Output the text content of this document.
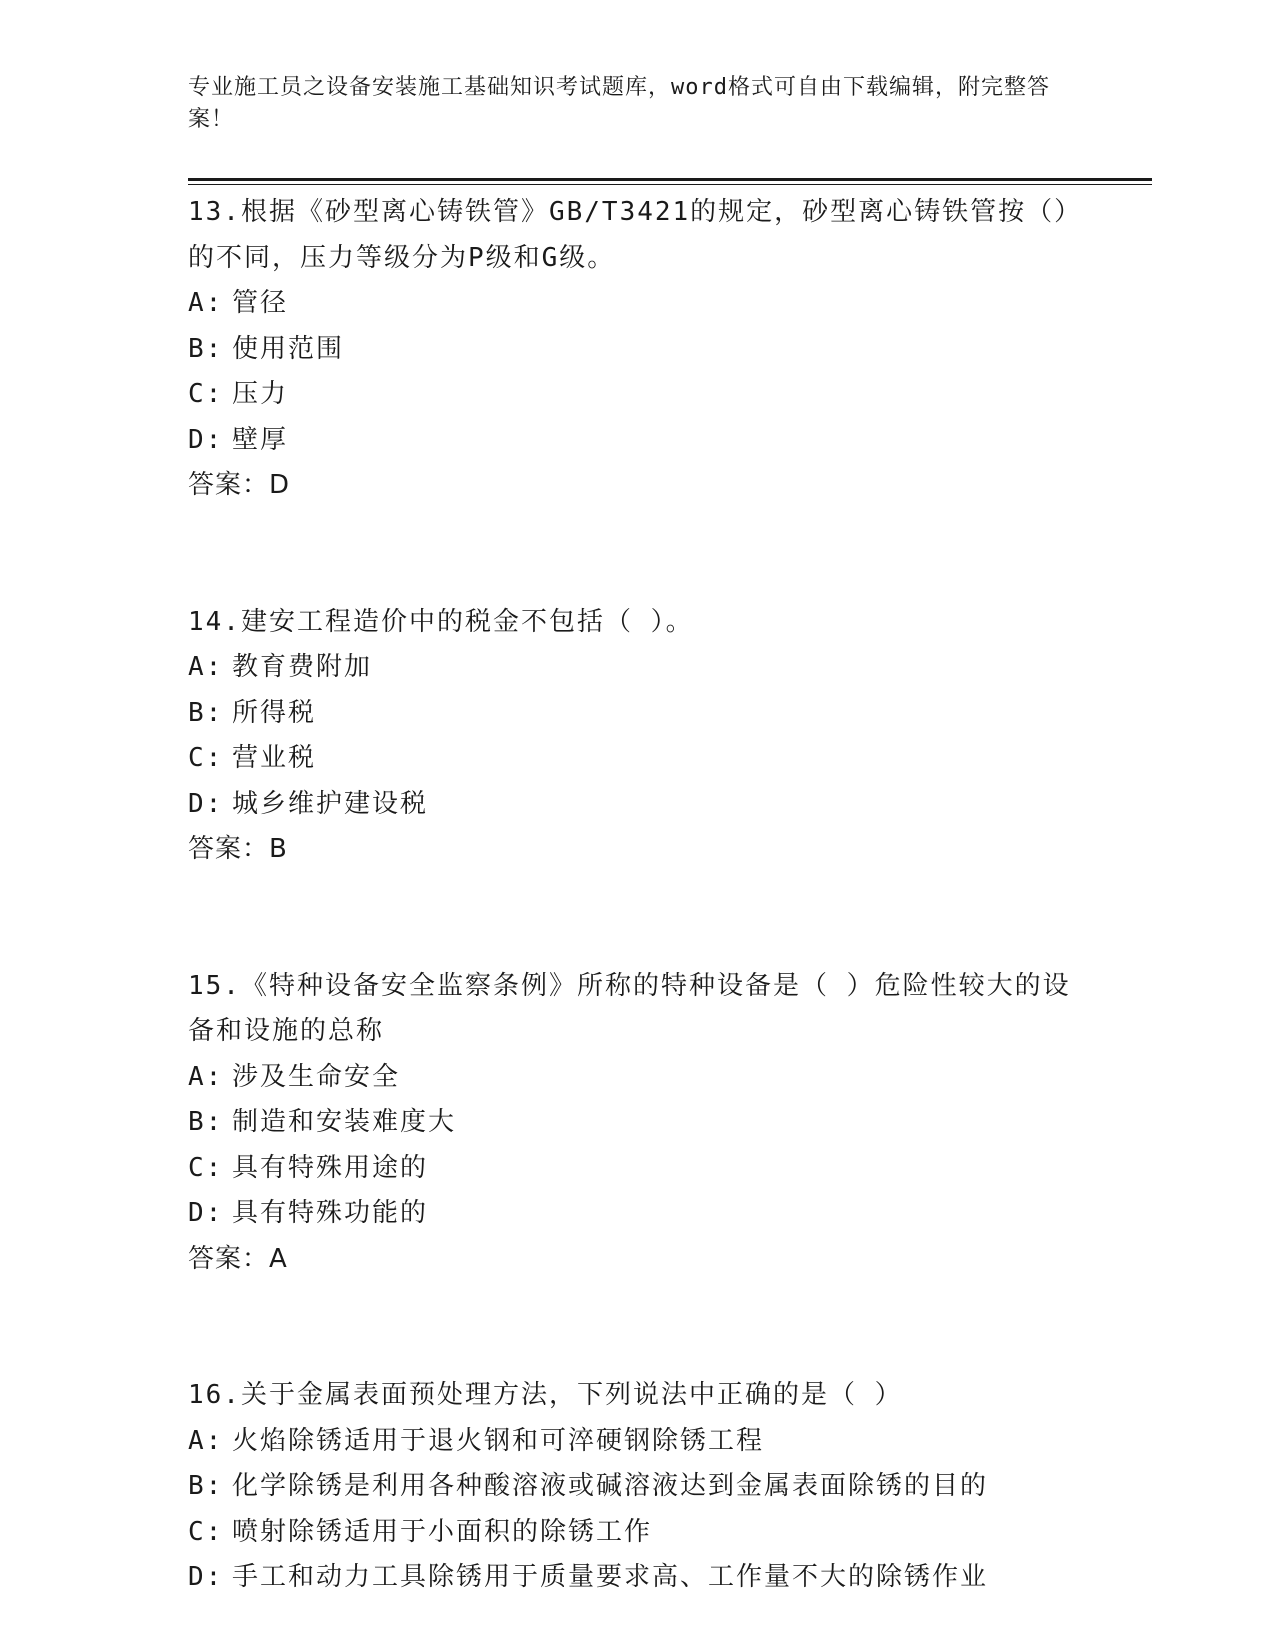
专业施工员之设备安装施工基础知识考试题库，word格式可自由下载编辑，附完整答案！
13.根据《砂型离心铸铁管》GB/T3421的规定，砂型离心铸铁管按（）的不同，压力等级分为P级和G级。
A: 管径
B: 使用范围
C: 压力
D: 壁厚
答案：D
14.建安工程造价中的税金不包括（ ）。
A: 教育费附加
B: 所得税
C: 营业税
D: 城乡维护建设税
答案：B
15.《特种设备安全监察条例》所称的特种设备是（ ）危险性较大的设备和设施的总称
A: 涉及生命安全
B: 制造和安装难度大
C: 具有特殊用途的
D: 具有特殊功能的
答案：A
16.关于金属表面预处理方法，下列说法中正确的是（ ）
A: 火焰除锈适用于退火钢和可淬硬钢除锈工程
B: 化学除锈是利用各种酸溶液或碱溶液达到金属表面除锈的目的
C: 喷射除锈适用于小面积的除锈工作
D: 手工和动力工具除锈用于质量要求高、工作量不大的除锈作业
